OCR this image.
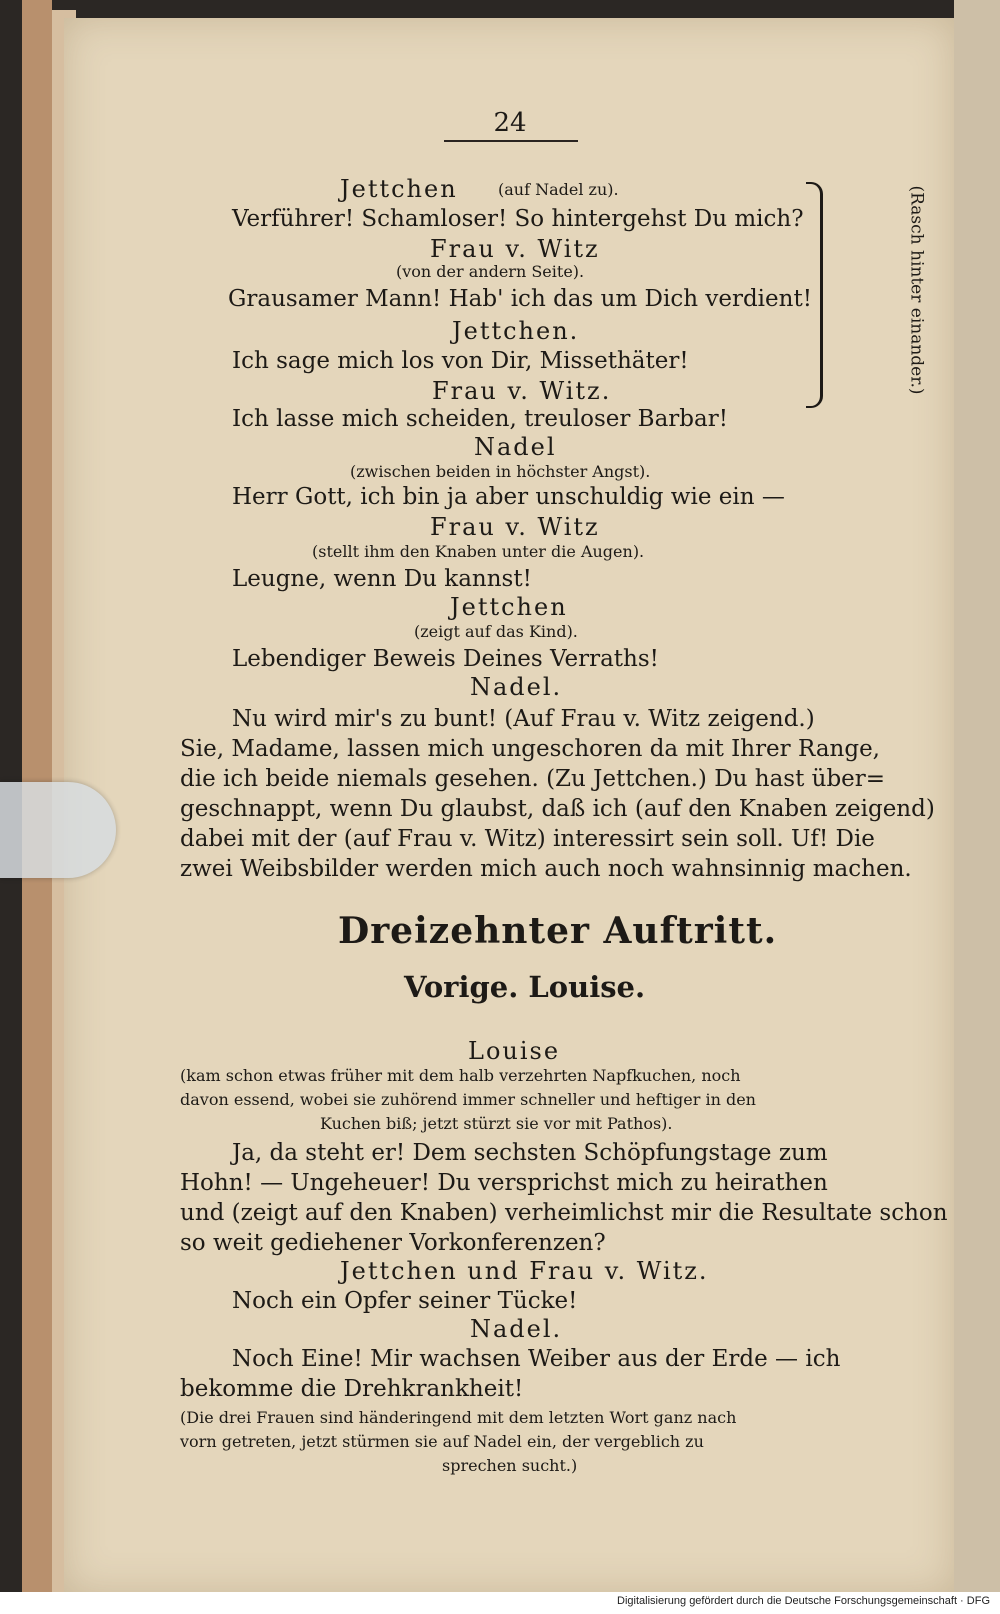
24
(Rasch hinter einander.)
Jettchen	(auf Nadel zu).
Verführer! Schamloser! So hintergehst Du mich?
Frau v. Witz
(von der andern Seite).
Grausamer Mann! Hab' ich das um Dich verdient!
Jettchen.
Ich sage mich los von Dir, Missethäter!
Frau v. Witz.
Ich lasse mich scheiden, treuloser Barbar!
Nadel
(zwischen beiden in höchster Angst).
Herr Gott, ich bin ja aber unschuldig wie ein —
Frau v. Witz
(stellt ihm den Knaben unter die Augen).
Leugne, wenn Du kannst!
Jettchen
(zeigt auf das Kind).
Lebendiger Beweis Deines Verraths!
Nadel.
Nu wird mir's zu bunt! (Auf Frau v. Witz zeigend.)
Sie, Madame, lassen mich ungeschoren da mit Ihrer Range,
die ich beide niemals gesehen. (Zu Jettchen.) Du hast über=
geschnappt, wenn Du glaubst, daß ich (auf den Knaben zeigend)
dabei mit der (auf Frau v. Witz) interessirt sein soll. Uf! Die
zwei Weibsbilder werden mich auch noch wahnsinnig machen.
Dreizehnter Auftritt.
Vorige. Louise.
Louise
(kam schon etwas früher mit dem halb verzehrten Napfkuchen, noch
davon essend, wobei sie zuhörend immer schneller und heftiger in den
Kuchen biß; jetzt stürzt sie vor mit Pathos).
Ja, da steht er! Dem sechsten Schöpfungstage zum
Hohn! — Ungeheuer! Du versprichst mich zu heirathen
und (zeigt auf den Knaben) verheimlichst mir die Resultate schon
so weit gediehener Vorkonferenzen?
Jettchen und Frau v. Witz.
Noch ein Opfer seiner Tücke!
Nadel.
Noch Eine! Mir wachsen Weiber aus der Erde — ich
bekomme die Drehkrankheit!
(Die drei Frauen sind händeringend mit dem letzten Wort ganz nach
vorn getreten, jetzt stürmen sie auf Nadel ein, der vergeblich zu
sprechen sucht.)
Digitalisierung gefördert durch die Deutsche Forschungsgemeinschaft · DFG
